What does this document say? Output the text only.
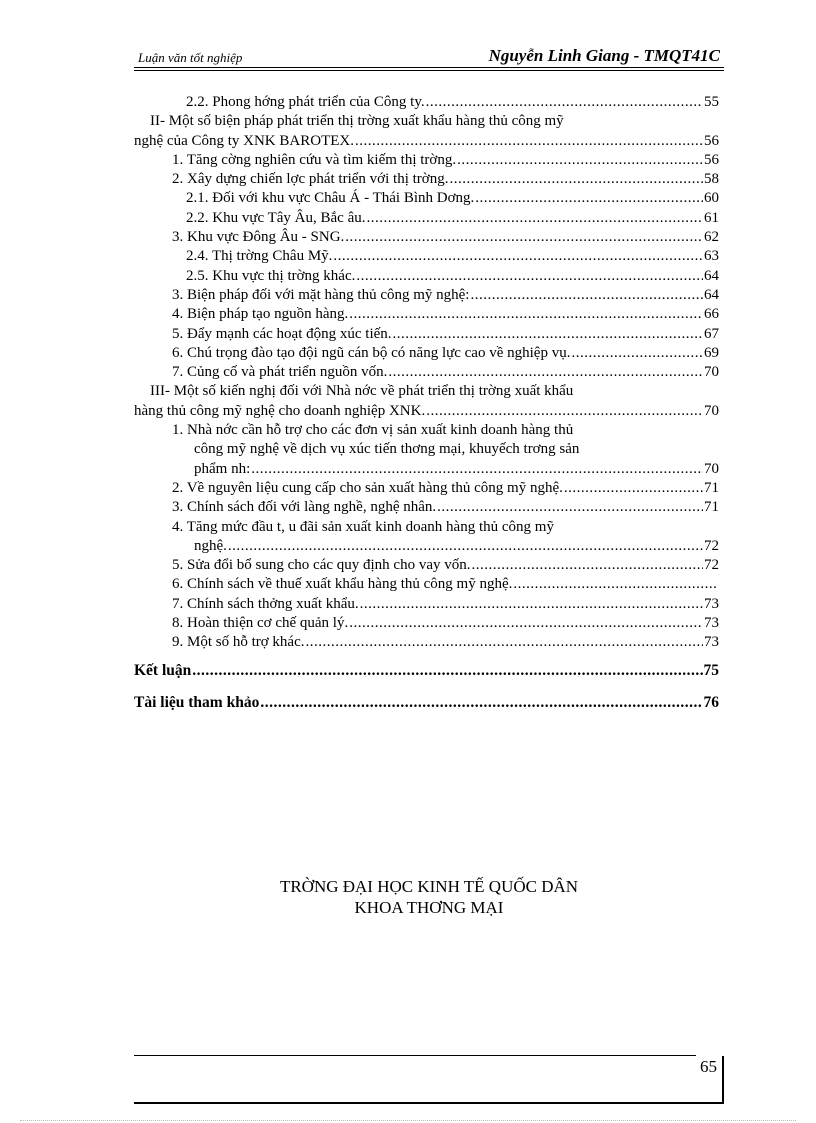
Luận văn tốt nghiệp	Nguyễn Linh Giang - TMQT41C
2.2. Phong hớng phát triển của Công ty. .....	55
II- Một số biện pháp phát triển thị trờng xuất khẩu hàng thủ công mỹ
nghệ của Công ty XNK BAROTEX. .....	56
1. Tăng cờng nghiên cứu và tìm kiếm thị trờng. .....	56
2. Xây dựng chiến lợc phát triển với thị trờng. .....	58
2.1. Đối với khu vực Châu Á - Thái Bình Dơng. .....	60
2.2. Khu vực Tây Âu, Bắc âu. .....	61
3. Khu vực Đông Âu - SNG. .....	62
2.4. Thị trờng Châu Mỹ. .....	63
2.5. Khu vực thị trờng khác. .....	64
3. Biện pháp đối với mặt hàng thủ công mỹ nghệ: .....	64
4. Biện pháp tạo nguồn hàng. .....	66
5. Đẩy mạnh các hoạt động xúc tiến. .....	67
6. Chú trọng đào tạo đội ngũ cán bộ có năng lực cao về nghiệp vụ. .....	69
7. Củng cố và phát triển nguồn vốn. .....	70
III- Một số kiến nghị đối với Nhà nớc về phát triển thị trờng xuất khẩu
hàng thủ công mỹ nghệ cho doanh nghiệp XNK. .....	70
1. Nhà nớc cần hỗ trợ cho các đơn vị sản xuất kinh doanh hàng thủ
công mỹ nghệ về dịch vụ xúc tiến thơng mại, khuyếch trơng sản
phẩm nh: .....	70
2. Về nguyên liệu cung cấp cho sản xuất hàng thủ công mỹ nghệ. .....	71
3. Chính sách đối với làng nghề, nghệ nhân. .....	71
4. Tăng mức đầu t, u đãi sản xuất kinh doanh hàng thủ công mỹ
nghệ. .....	72
5. Sửa đổi bổ sung cho các quy định cho vay vốn. .....	72
6. Chính sách về thuế xuất khẩu hàng thủ công mỹ nghệ.
.....
7. Chính sách thởng xuất khẩu. .....	73
8. Hoàn thiện cơ chế quản lý. .....	73
9. Một số hỗ trợ khác. .....	73
Kết luận .....	75
Tài liệu tham khảo .....	76
TRỜNG ĐẠI HỌC KINH TẾ QUỐC DÂN
KHOA THƠNG MẠI
65
